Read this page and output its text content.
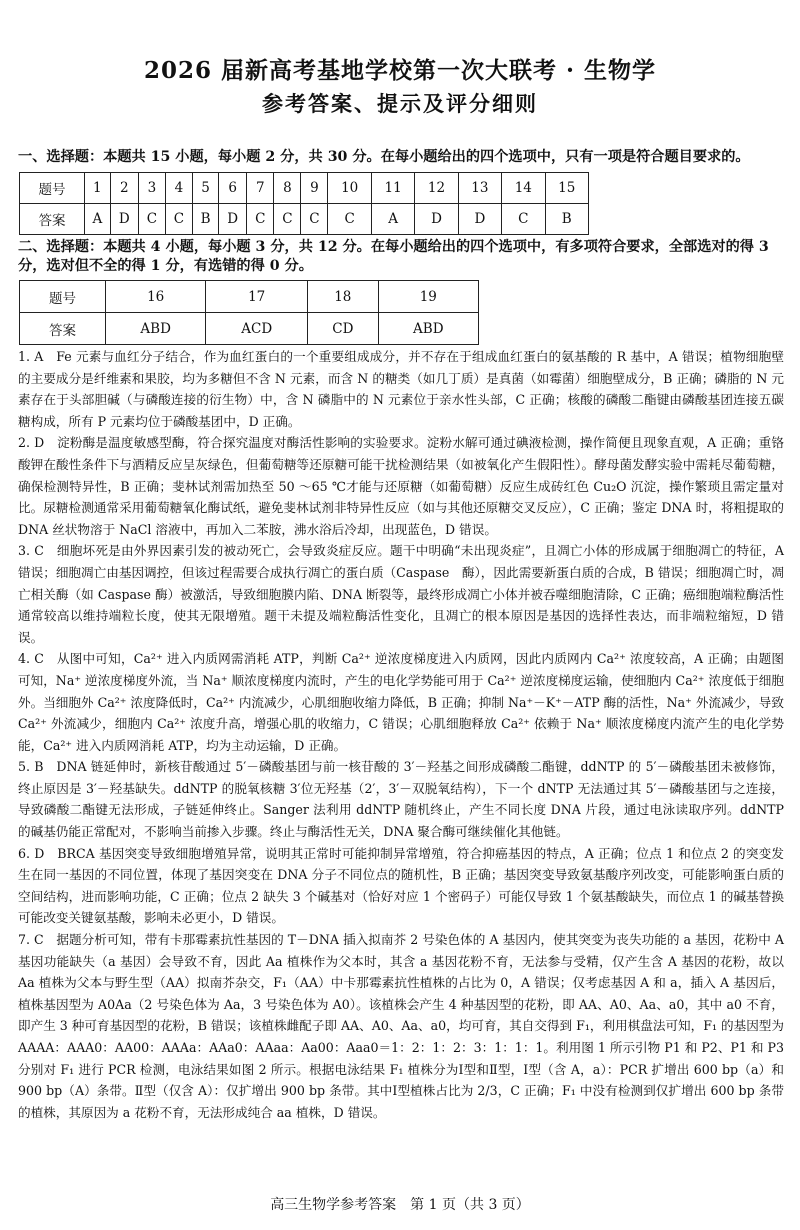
2026 届新高考基地学校第一次大联考 · 生物学
参考答案、提示及评分细则
一、选择题：本题共 15 小题，每小题 2 分，共 30 分。在每小题给出的四个选项中，只有一项是符合题目要求的。
题号	1	2	3	4	5	6	7	8	9	10	11	12	13	14	15
答案	A	D	C	C	B	D	C	C	C	C	A	D	D	C	B
二、选择题：本题共 4 小题，每小题 3 分，共 12 分。在每小题给出的四个选项中，有多项符合要求，全部选对的得 3 分，选对但不全的得 1 分，有选错的得 0 分。
题号	16	17	18	19
答案	ABD	ACD	CD	ABD

1. A　Fe 元素与血红分子结合，作为血红蛋白的一个重要组成成分，并不存在于组成血红蛋白的氨基酸的 R 基中，A 错误；植物细胞壁的主要成分是纤维素和果胶，均为多糖但不含 N 元素，而含 N 的糖类（如几丁质）是真菌（如霉菌）细胞壁成分，B 正确；磷脂的 N 元素存在于头部胆碱（与磷酸连接的衍生物）中，含 N 磷脂中的 N 元素位于亲水性头部，C 正确；核酸的磷酸二酯键由磷酸基团连接五碳糖构成，所有 P 元素均位于磷酸基团中，D 正确。

2. D　淀粉酶是温度敏感型酶，符合探究温度对酶活性影响的实验要求。淀粉水解可通过碘液检测，操作简便且现象直观，A 正确；重铬酸钾在酸性条件下与酒精反应呈灰绿色，但葡萄糖等还原糖可能干扰检测结果（如被氧化产生假阳性）。酵母菌发酵实验中需耗尽葡萄糖，确保检测特异性，B 正确；斐林试剂需加热至 50 ～65 ℃才能与还原糖（如葡萄糖）反应生成砖红色 Cu₂O 沉淀，操作繁琐且需定量对比。尿糖检测通常采用葡萄糖氧化酶试纸，避免斐林试剂非特异性反应（如与其他还原糖交叉反应），C 正确；鉴定 DNA 时，将粗提取的 DNA 丝状物溶于 NaCl 溶液中，再加入二苯胺，沸水浴后冷却，出现蓝色，D 错误。

3. C　细胞坏死是由外界因素引发的被动死亡，会导致炎症反应。题干中明确“未出现炎症”，且凋亡小体的形成属于细胞凋亡的特征，A 错误；细胞凋亡由基因调控，但该过程需要合成执行凋亡的蛋白质（Caspase　酶），因此需要新蛋白质的合成，B 错误；细胞凋亡时，凋亡相关酶（如 Caspase 酶）被激活，导致细胞膜内陷、DNA 断裂等，最终形成凋亡小体并被吞噬细胞清除，C 正确；癌细胞端粒酶活性通常较高以维持端粒长度，使其无限增殖。题干未提及端粒酶活性变化，且凋亡的根本原因是基因的选择性表达，而非端粒缩短，D 错误。

4. C　从图中可知，Ca²⁺ 进入内质网需消耗 ATP，判断 Ca²⁺ 逆浓度梯度进入内质网，因此内质网内 Ca²⁺ 浓度较高，A 正确；由题图可知，Na⁺ 逆浓度梯度外流，当 Na⁺ 顺浓度梯度内流时，产生的电化学势能可用于 Ca²⁺ 逆浓度梯度运输，使细胞内 Ca²⁺ 浓度低于细胞外。当细胞外 Ca²⁺ 浓度降低时，Ca²⁺ 内流减少，心肌细胞收缩力降低，B 正确；抑制 Na⁺－K⁺－ATP 酶的活性，Na⁺ 外流减少，导致 Ca²⁺ 外流减少，细胞内 Ca²⁺ 浓度升高，增强心肌的收缩力，C 错误；心肌细胞释放 Ca²⁺ 依赖于 Na⁺ 顺浓度梯度内流产生的电化学势能，Ca²⁺ 进入内质网消耗 ATP，均为主动运输，D 正确。

5. B　DNA 链延伸时，新核苷酸通过 5′－磷酸基团与前一核苷酸的 3′－羟基之间形成磷酸二酯键，ddNTP 的 5′－磷酸基团未被修饰，终止原因是 3′－羟基缺失。ddNTP 的脱氧核糖 3′位无羟基（2′，3′－双脱氧结构），下一个 dNTP 无法通过其 5′－磷酸基团与之连接，导致磷酸二酯键无法形成，子链延伸终止。Sanger 法利用 ddNTP 随机终止，产生不同长度 DNA 片段，通过电泳读取序列。ddNTP 的碱基仍能正常配对，不影响当前掺入步骤。终止与酶活性无关，DNA 聚合酶可继续催化其他链。

6. D　BRCA 基因突变导致细胞增殖异常，说明其正常时可能抑制异常增殖，符合抑癌基因的特点，A 正确；位点 1 和位点 2 的突变发生在同一基因的不同位置，体现了基因突变在 DNA 分子不同位点的随机性，B 正确；基因突变导致氨基酸序列改变，可能影响蛋白质的空间结构，进而影响功能，C 正确；位点 2 缺失 3 个碱基对（恰好对应 1 个密码子）可能仅导致 1 个氨基酸缺失，而位点 1 的碱基替换可能改变关键氨基酸，影响未必更小，D 错误。

7. C　据题分析可知，带有卡那霉素抗性基因的 T－DNA 插入拟南芥 2 号染色体的 A 基因内，使其突变为丧失功能的 a 基因，花粉中 A 基因功能缺失（a 基因）会导致不育，因此 Aa 植株作为父本时，其含 a 基因花粉不育，无法参与受精，仅产生含 A 基因的花粉，故以 Aa 植株为父本与野生型（AA）拟南芥杂交，F₁（AA）中卡那霉素抗性植株的占比为 0，A 错误；仅考虑基因 A 和 a，插入 A 基因后，植株基因型为 A0Aa（2 号染色体为 Aa，3 号染色体为 A0）。该植株会产生 4 种基因型的花粉，即 AA、A0、Aa、a0，其中 a0 不育，即产生 3 种可育基因型的花粉，B 错误；该植株雌配子即 AA、A0、Aa、a0，均可育，其自交得到 F₁，利用棋盘法可知，F₁ 的基因型为 AAAA：AAA0：AA00：AAAa：AAa0：AAaa：Aa00：Aaa0＝1：2：1：2：3：1：1：1。利用图 1 所示引物 P1 和 P2、P1 和 P3 分别对 F₁ 进行 PCR 检测，电泳结果如图 2 所示。根据电泳结果 F₁ 植株分为Ⅰ型和Ⅱ型，Ⅰ型（含 A，a）：PCR 扩增出 600 bp（a）和 900 bp（A）条带。Ⅱ型（仅含 A）：仅扩增出 900 bp 条带。其中Ⅰ型植株占比为 2/3，C 正确；F₁ 中没有检测到仅扩增出 600 bp 条带的植株，其原因为 a 花粉不育，无法形成纯合 aa 植株，D 错误。

高三生物学参考答案　第 1 页（共 3 页）
